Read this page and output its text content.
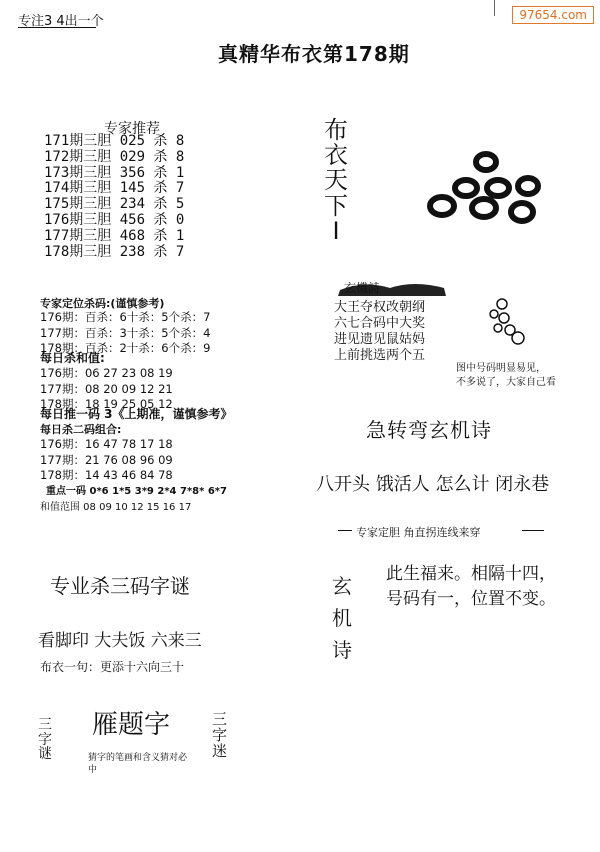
专注3 4出一个	97654.com
真精华布衣第178期
专家推荐
171期三胆 025 杀 8
172期三胆 029 杀 8
173期三胆 356 杀 1
174期三胆 145 杀 7
175期三胆 234 杀 5
176期三胆 456 杀 0
177期三胆 468 杀 1
178期三胆 238 杀 7
专家定位杀码:(谨慎参考)
176期：百杀：6十杀：5个杀：7
177期：百杀：3十杀：5个杀：4
178期：百杀：2十杀：6个杀：9
每日杀和值:
176期：06 27 23 08 19
177期：08 20 09 12 21
178期：18 19 25 05 12
每日推一码 3《上期准，谨慎参考》
每日杀二码组合:
176期：16 47 78 17 18
177期：21 76 08 96 09
178期：14 43 46 84 78
重点一码 0*6 1*5 3*9 2*4 7*8* 6*7
和值范围 08 09 10 12 15 16 17
专业杀三码字谜
看脚印 大夫饭 六来三
布衣一句：更添十六向三十
三
字
谜
雁题字
猜字的笔画和含义猜对必中
三
字
迷
布
衣
天
下
I
玄機詩
大王夺权改朝纲
六七合码中大奖
进见遗见鼠姑妈
上前挑选两个五
图中号码明显易见，
不多说了，大家自己看
急转弯玄机诗
八开头 饿活人 怎么计 闭永巷
专家定胆 角直拐连线来穿
玄
机
诗
此生福来。相隔十四，
号码有一，位置不变。
